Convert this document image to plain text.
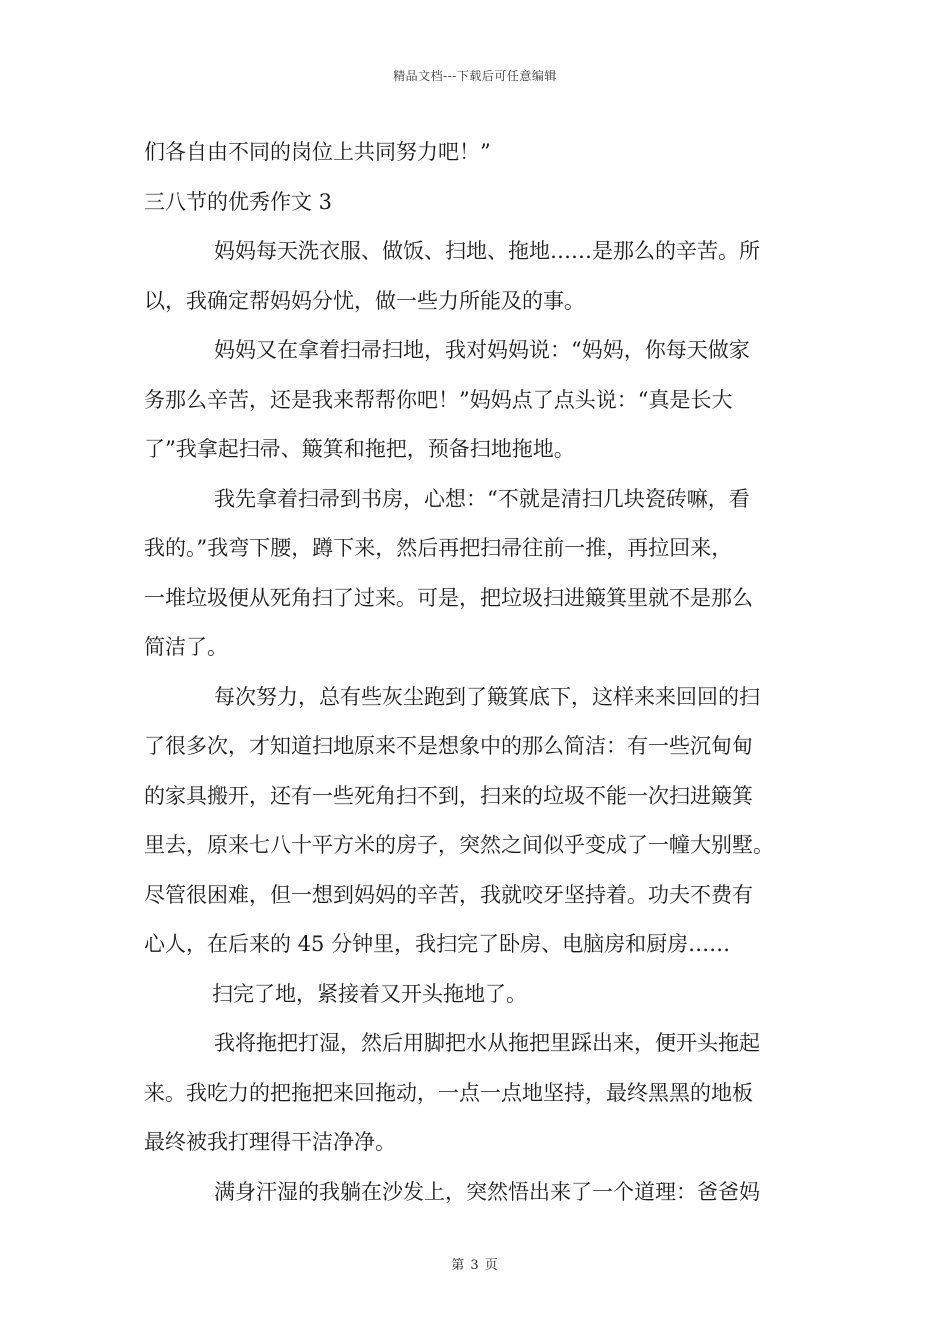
精品文档---下载后可任意编辑
们各自由不同的岗位上共同努力吧！”
三八节的优秀作文 3
妈妈每天洗衣服、做饭、扫地、拖地……是那么的辛苦。所
以，我确定帮妈妈分忧，做一些力所能及的事。
妈妈又在拿着扫帚扫地，我对妈妈说：“妈妈，你每天做家
务那么辛苦，还是我来帮帮你吧！”妈妈点了点头说：“真是长大
了”我拿起扫帚、簸箕和拖把，预备扫地拖地。
我先拿着扫帚到书房，心想：“不就是清扫几块瓷砖嘛，看
我的。”我弯下腰，蹲下来，然后再把扫帚往前一推，再拉回来，
一堆垃圾便从死角扫了过来。可是，把垃圾扫进簸箕里就不是那么
简洁了。
每次努力，总有些灰尘跑到了簸箕底下，这样来来回回的扫
了很多次，才知道扫地原来不是想象中的那么简洁：有一些沉甸甸
的家具搬开，还有一些死角扫不到，扫来的垃圾不能一次扫进簸箕
里去，原来七八十平方米的房子，突然之间似乎变成了一幢大别墅。
尽管很困难，但一想到妈妈的辛苦，我就咬牙坚持着。功夫不费有
心人，在后来的 45 分钟里，我扫完了卧房、电脑房和厨房……
扫完了地，紧接着又开头拖地了。
我将拖把打湿，然后用脚把水从拖把里踩出来，便开头拖起
来。我吃力的把拖把来回拖动，一点一点地坚持，最终黑黑的地板
最终被我打理得干洁净净。
满身汗湿的我躺在沙发上，突然悟出来了一个道理：爸爸妈
第 3 页
